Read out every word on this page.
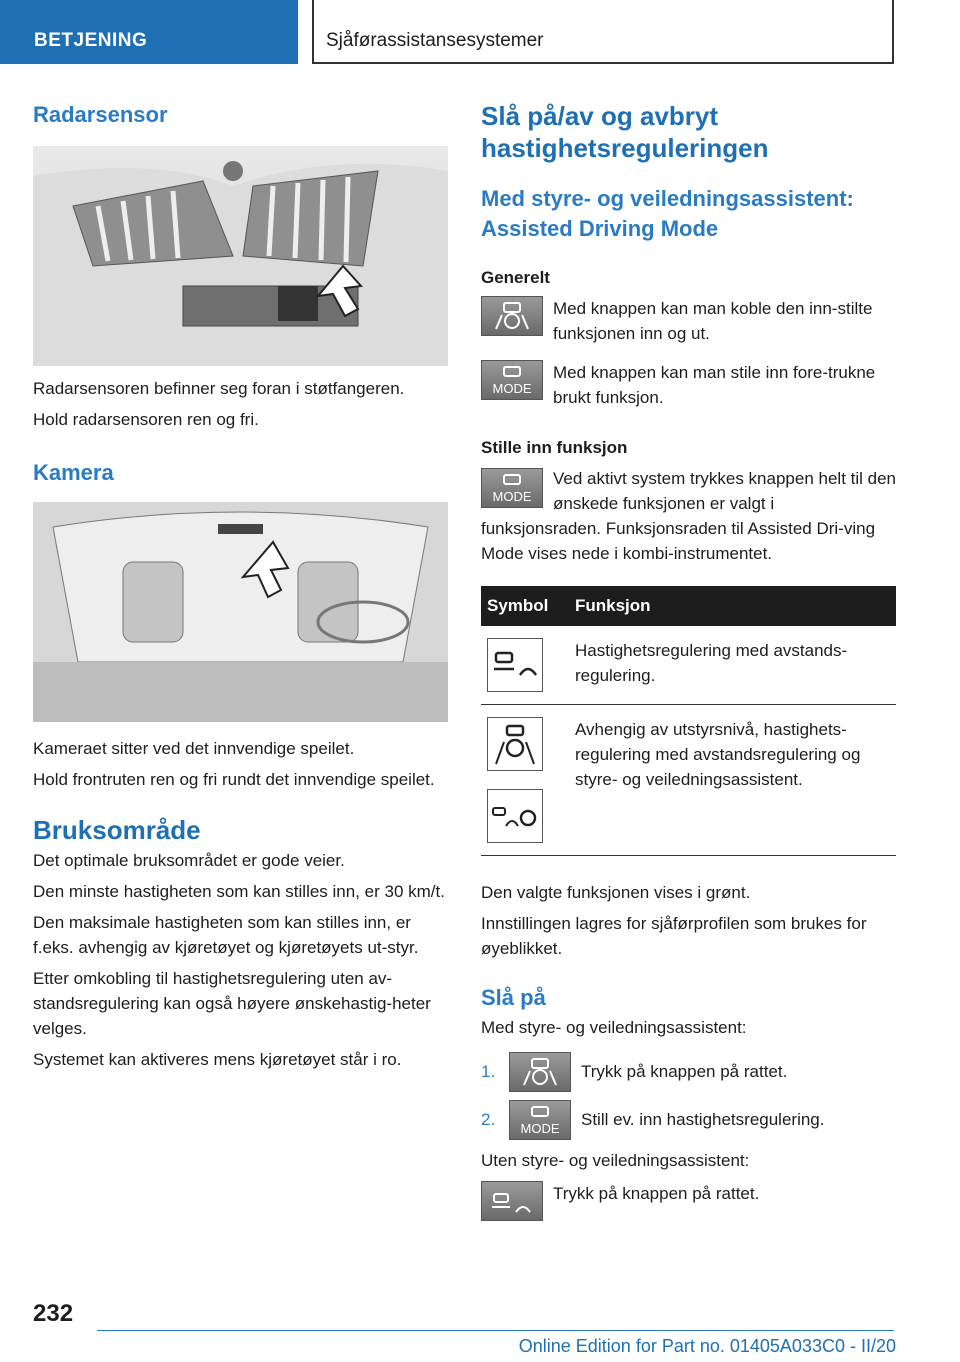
BETJENING	Sjåførassistansesystemer
Radarsensor

Radarsensoren befinner seg foran i støtfangeren.

Hold radarsensoren ren og fri.

Kamera

Kameraet sitter ved det innvendige speilet.

Hold frontruten ren og fri rundt det innvendige speilet.

Bruksområde

Det optimale bruksområdet er gode veier.

Den minste hastigheten som kan stilles inn, er 30 km/t.

Den maksimale hastigheten som kan stilles inn, er f.eks. avhengig av kjøretøyet og kjøretøyets ut‐styr.

Etter omkobling til hastighetsregulering uten av‐standsregulering kan også høyere ønskehastig‐heter velges.

Systemet kan aktiveres mens kjøretøyet står i ro.

Slå på/av og avbryt hastighetsreguleringen
Med styre- og veiledningsassistent: Assisted Driving Mode
Generelt

Med knappen kan man koble den inn‐stilte funksjonen inn og ut.

MODE

Med knappen kan man stile inn fore‐trukne brukt funksjon.

Stille inn funksjon
MODE

Ved aktivt system trykkes knappen helt til den ønskede funksjonen er valgt i funksjonsraden. Funksjonsraden til Assisted Dri‐ving Mode vises nede i kombi-instrumentet.

Symbol	Funksjon

	Hastighetsregulering med avstands‐regulering.

	Avhengig av utstyrsnivå, hastighets‐regulering med avstandsregulering og styre- og veiledningsassistent.

Den valgte funksjonen vises i grønt.

Innstillingen lagres for sjåførprofilen som brukes for øyeblikket.

Slå på

Med styre- og veiledningsassistent:

1.	Trykk på knappen på rattet.
2.	MODE	Still ev. inn hastighetsregulering.

Uten styre- og veiledningsassistent:

Trykk på knappen på rattet.

232
Online Edition for Part no. 01405A033C0 - II/20
